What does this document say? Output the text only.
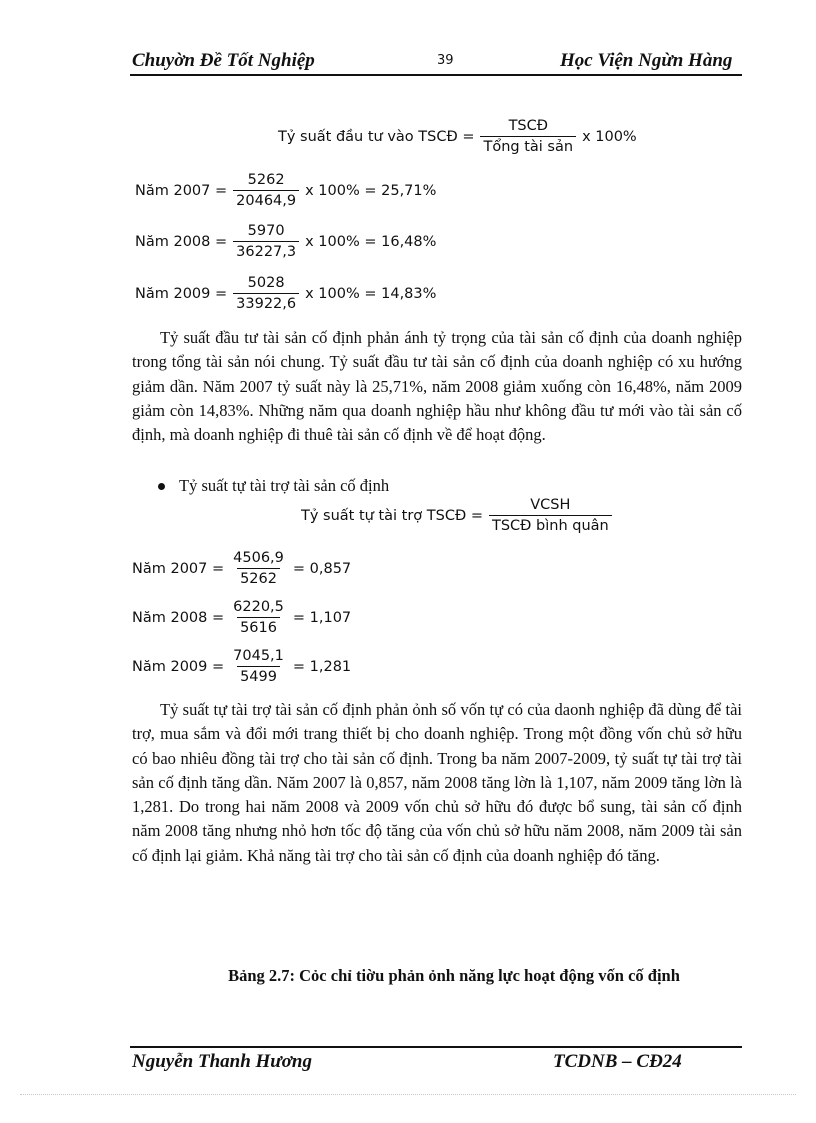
Chuyờn Đề Tốt Nghiệp	39	Học Viện Ngừn Hàng
Tỷ suất đầu tư vào TSCĐ = $\frac{\text{TSCĐ}}{\text{Tổng tài sản}}$ x 100%
Năm $2007 = \frac{5262}{20464,9}$ x 100% = 25,71%
Năm $2008 = \frac{5970}{36227,3}$ x 100% = 16,48%
Năm $2009 = \frac{5028}{33922,6}$ x 100% = 14,83%

Tỷ suất đầu tư tài sản cố định phản ánh tỷ trọng của tài sản cố định của doanh nghiệp trong tổng tài sản nói chung. Tỷ suất đầu tư tài sản cố định của doanh nghiệp có xu hướng giảm dần. Năm 2007 tỷ suất này là 25,71%, năm 2008 giảm xuống còn 16,48%, năm 2009 giảm còn 14,83%. Những năm qua doanh nghiệp hầu như không đầu tư mới vào tài sản cố định, mà doanh nghiệp đi thuê tài sản cố định về để hoạt động.

Tỷ suất tự tài trợ tài sản cố định
Tỷ suất tự tài trợ TSCĐ = $\frac{\text{VCSH}}{\text{TSCĐ bình quân}}$
Năm $2007 = \frac{4506,9}{5262} = 0,857$
Năm $2008 = \frac{6220,5}{5616} = 1,107$
Năm $2009 = \frac{7045,1}{5499} = 1,281$

Tỷ suất tự tài trợ tài sản cố định phản ỏnh số vốn tự có của daonh nghiệp đã dùng để tài trợ, mua sắm và đổi mới trang thiết bị cho doanh nghiệp. Trong một đồng vốn chủ sở hữu có bao nhiêu đồng tài trợ cho tài sản cố định. Trong ba năm 2007-2009, tỷ suất tự tài trợ tài sản cố định tăng dần. Năm 2007 là 0,857, năm 2008 tăng lờn là 1,107, năm 2009 tăng lờn là 1,281. Do trong hai năm 2008 và 2009 vốn chủ sở hữu đó được bổ sung, tài sản cố định năm 2008 tăng nhưng nhỏ hơn tốc độ tăng của vốn chủ sở hữu năm 2008, năm 2009 tài sản cố định lại giảm. Khả năng tài trợ cho tài sản cố định của doanh nghiệp đó tăng.

Bảng 2.7: Cỏc chỉ tiờu phản ỏnh năng lực hoạt động vốn cố định
Nguyễn Thanh Hương	TCDNB – CĐ24
